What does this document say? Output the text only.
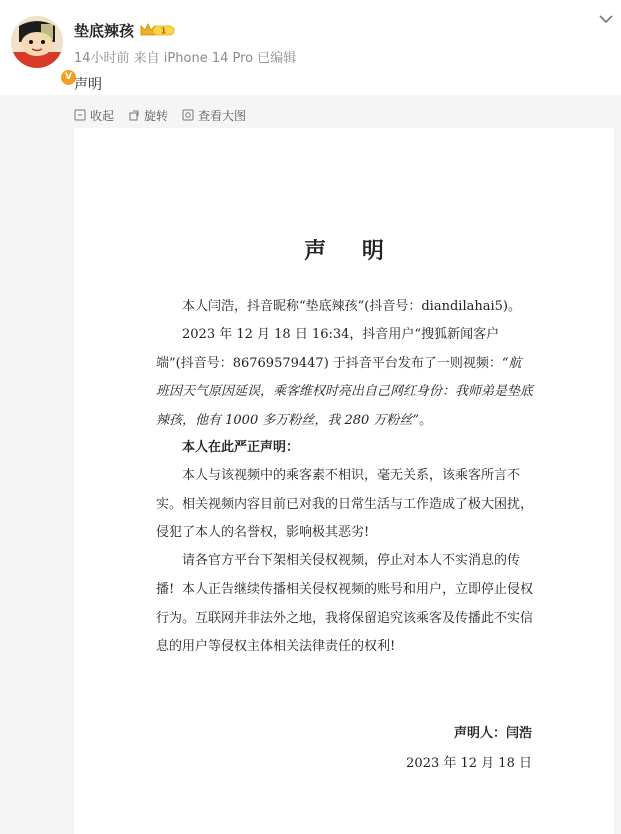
V
垫底辣孩	1
14小时前 来自 iPhone 14 Pro 已编辑
声明
收起	旋转	查看大图
声 明
本人闫浩，抖音昵称“垫底辣孩”(抖音号：diandilahai5)。
2023 年 12 月 18 日 16:34，抖音用户“搜狐新闻客户端”(抖音号：86769579447) 于抖音平台发布了一则视频：“航班因天气原因延误，乘客维权时亮出自己网红身份：我师弟是垫底辣孩，他有 1000 多万粉丝，我 280 万粉丝”。
本人在此严正声明：
本人与该视频中的乘客素不相识，毫无关系，该乘客所言不实。相关视频内容目前已对我的日常生活与工作造成了极大困扰，侵犯了本人的名誉权，影响极其恶劣!
请各官方平台下架相关侵权视频，停止对本人不实消息的传播! 本人正告继续传播相关侵权视频的账号和用户，立即停止侵权行为。互联网并非法外之地，我将保留追究该乘客及传播此不实信息的用户等侵权主体相关法律责任的权利!
声明人：闫浩
2023 年 12 月 18 日
